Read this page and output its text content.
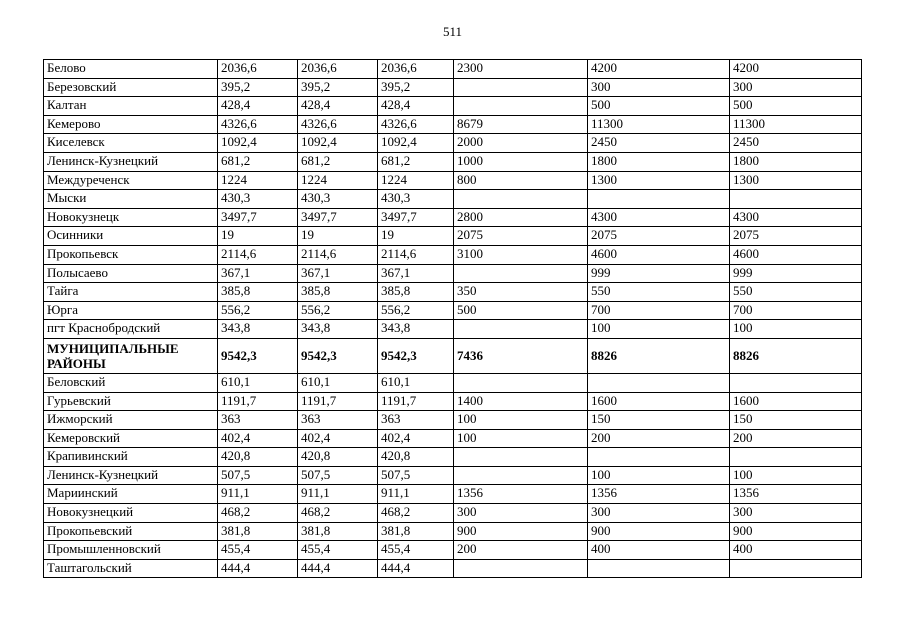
511
Белово	2036,6	2036,6	2036,6	2300	4200	4200
Березовский	395,2	395,2	395,2		300	300
Калтан	428,4	428,4	428,4		500	500
Кемерово	4326,6	4326,6	4326,6	8679	11300	11300
Киселевск	1092,4	1092,4	1092,4	2000	2450	2450
Ленинск-Кузнецкий	681,2	681,2	681,2	1000	1800	1800
Междуреченск	1224	1224	1224	800	1300	1300
Мыски	430,3	430,3	430,3			
Новокузнецк	3497,7	3497,7	3497,7	2800	4300	4300
Осинники	19	19	19	2075	2075	2075
Прокопьевск	2114,6	2114,6	2114,6	3100	4600	4600
Полысаево	367,1	367,1	367,1		999	999
Тайга	385,8	385,8	385,8	350	550	550
Юрга	556,2	556,2	556,2	500	700	700
пгт Краснобродский	343,8	343,8	343,8		100	100
МУНИЦИПАЛЬНЫЕ РАЙОНЫ	9542,3	9542,3	9542,3	7436	8826	8826
Беловский	610,1	610,1	610,1			
Гурьевский	1191,7	1191,7	1191,7	1400	1600	1600
Ижморский	363	363	363	100	150	150
Кемеровский	402,4	402,4	402,4	100	200	200
Крапивинский	420,8	420,8	420,8			
Ленинск-Кузнецкий	507,5	507,5	507,5		100	100
Мариинский	911,1	911,1	911,1	1356	1356	1356
Новокузнецкий	468,2	468,2	468,2	300	300	300
Прокопьевский	381,8	381,8	381,8	900	900	900
Промышленновский	455,4	455,4	455,4	200	400	400
Таштагольский	444,4	444,4	444,4			
